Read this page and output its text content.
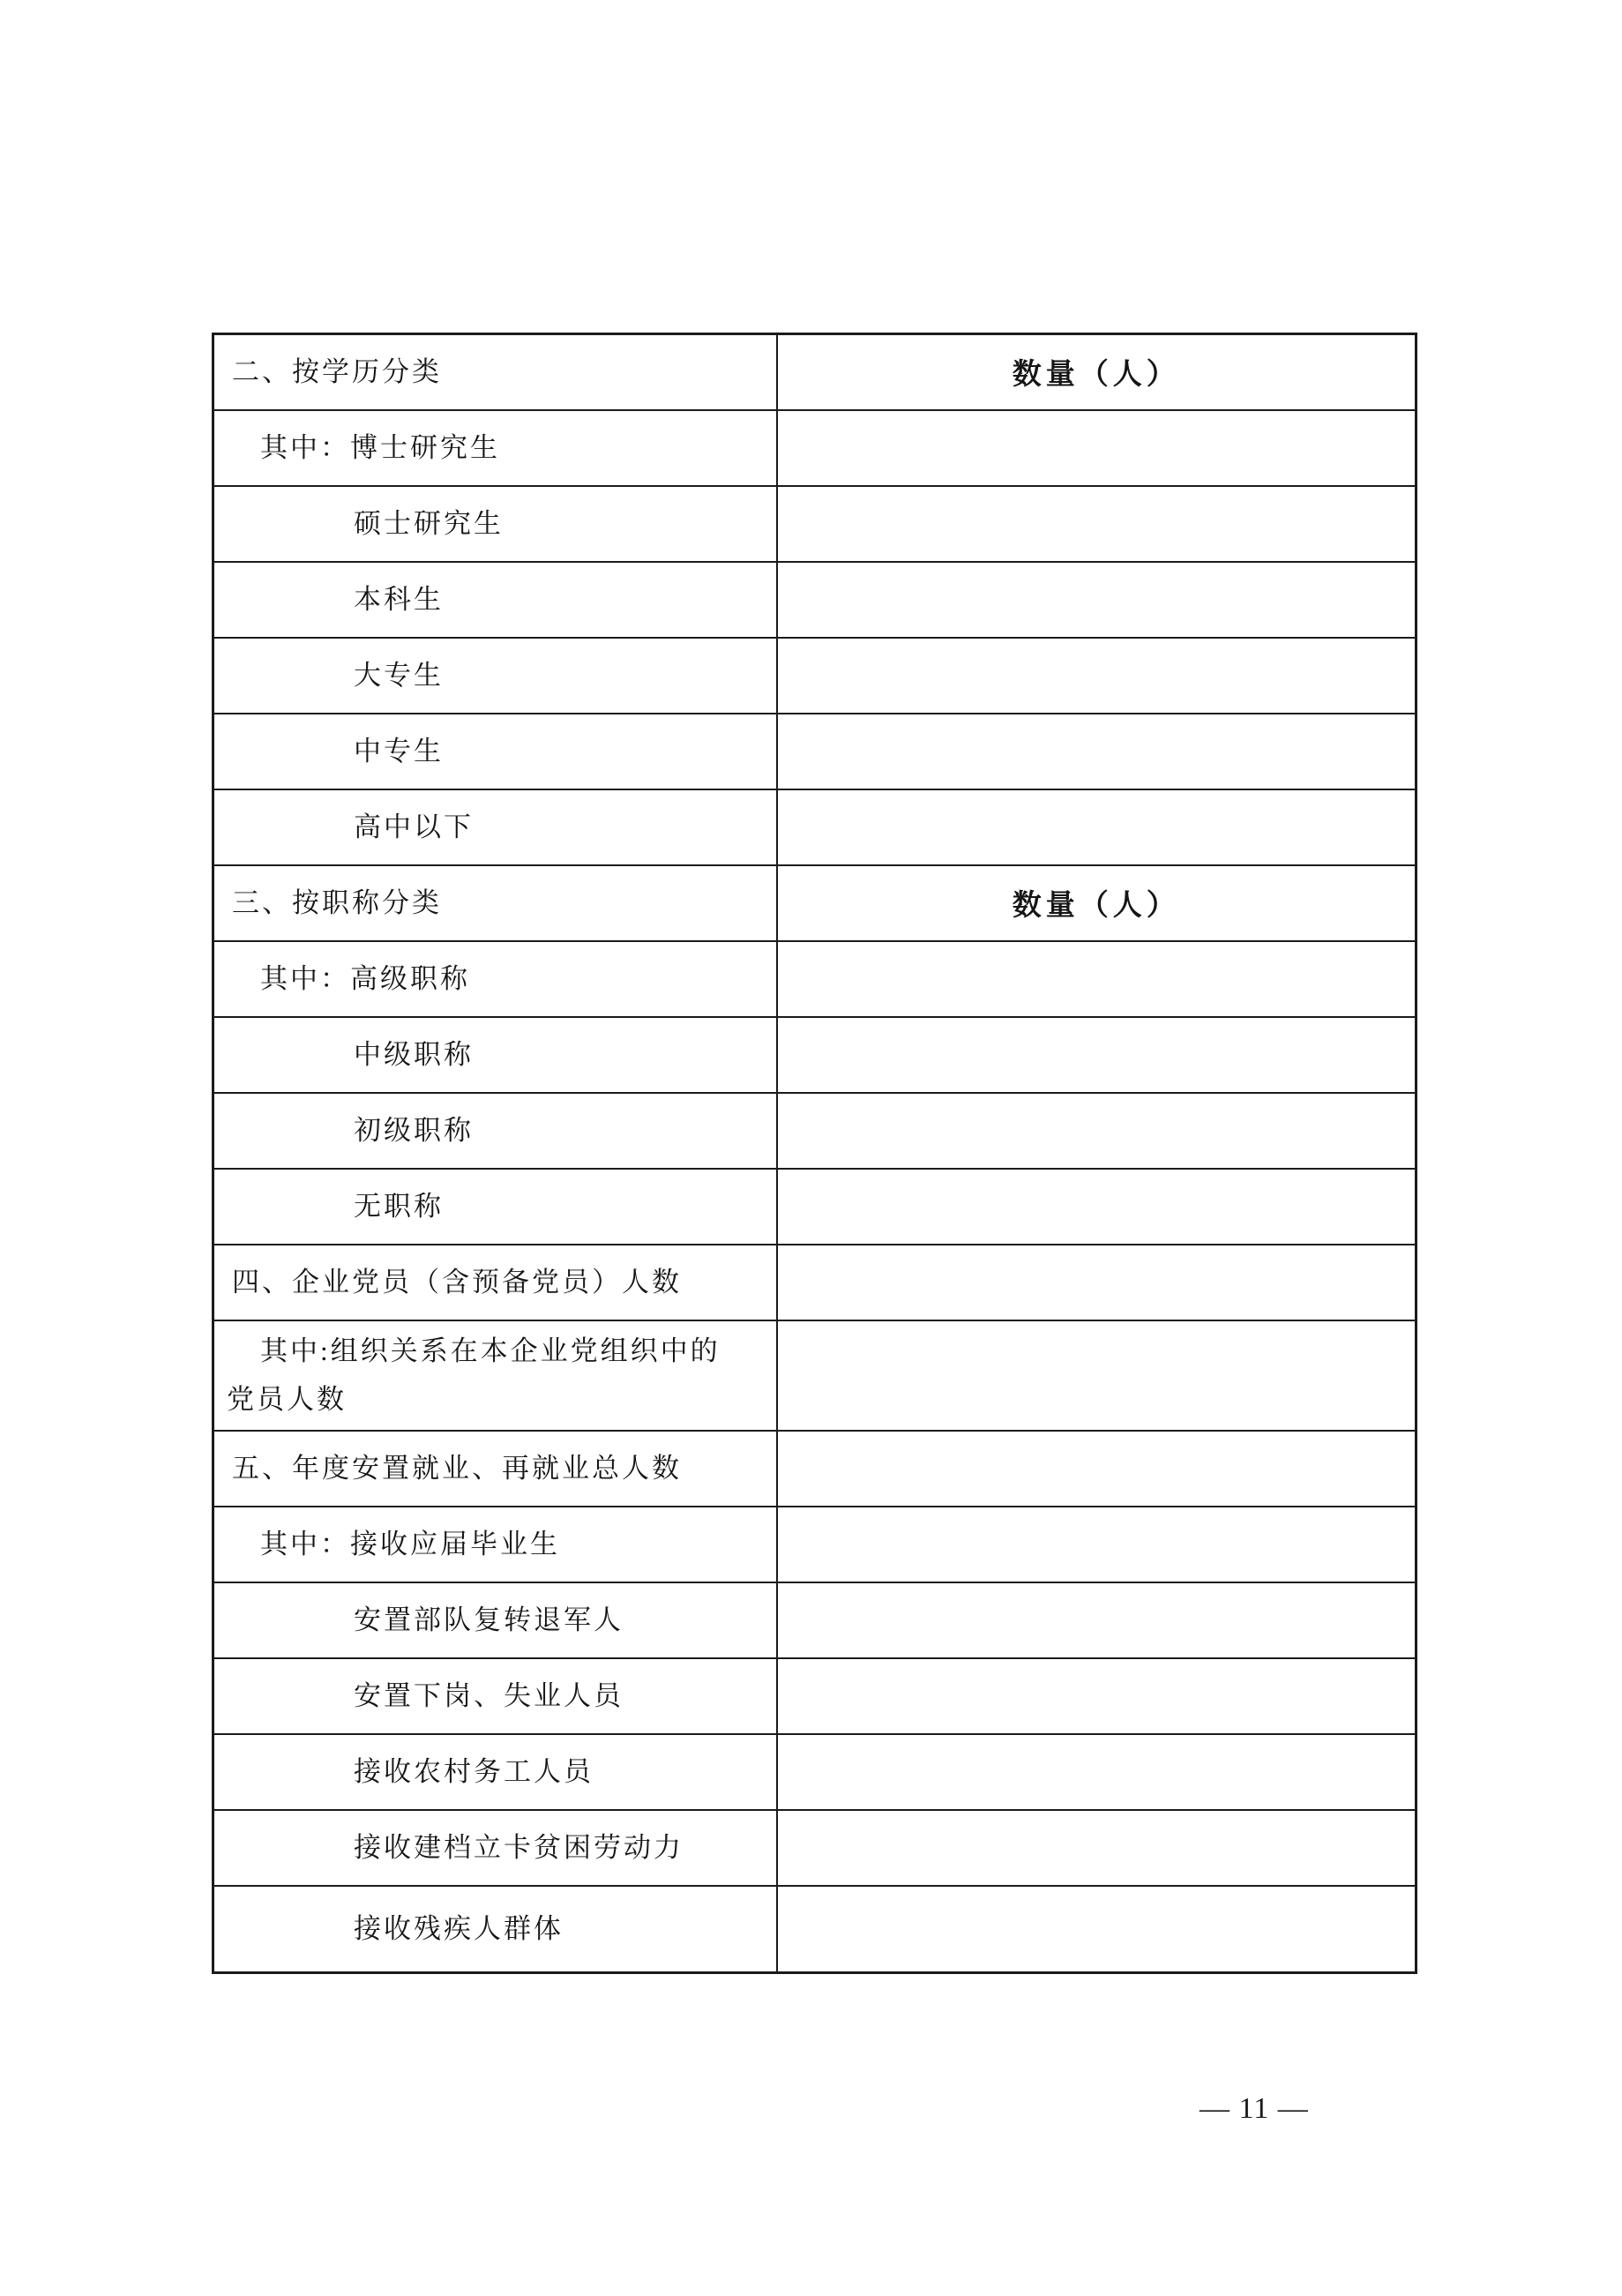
二、按学历分类	数量（人）

其中：博士研究生	

硕士研究生	

本科生	

大专生	

中专生	

高中以下	

三、按职称分类	数量（人）

其中：高级职称	

中级职称	

初级职称	

无职称	

四、企业党员（含预备党员）人数	

其中:组织关系在本企业党组织中的
党员人数	

五、年度安置就业、再就业总人数	

其中：接收应届毕业生	

安置部队复转退军人	

安置下岗、失业人员	

接收农村务工人员	

接收建档立卡贫困劳动力	

接收残疾人群体	

— 11 —
